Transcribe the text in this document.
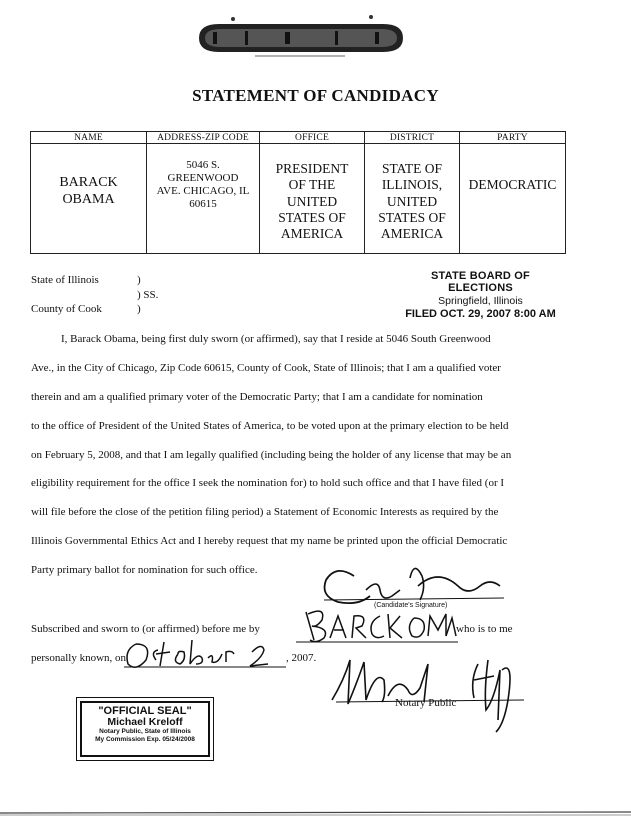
STATEMENT OF CANDIDACY
NAME	ADDRESS-ZIP CODE	OFFICE	DISTRICT	PARTY

BARACK
OBAMA	5046 S.
GREENWOOD
AVE. CHICAGO, IL
60615	PRESIDENT
OF THE
UNITED
STATES OF
AMERICA	STATE OF
ILLINOIS,
UNITED
STATES OF
AMERICA	DEMOCRATIC
State of Illinois	)
) SS.
County of Cook	)
STATE BOARD OF ELECTIONS
Springfield, Illinois
FILED OCT. 29, 2007 8:00 AM
I, Barack Obama, being first duly sworn (or affirmed), say that I reside at 5046 South Greenwood
Ave., in the City of Chicago, Zip Code 60615, County of Cook, State of Illinois; that I am a qualified voter
therein and am a qualified primary voter of the Democratic Party; that I am a candidate for nomination
to the office of President of the United States of America, to be voted upon at the primary election to be held
on February 5, 2008, and that I am legally qualified (including being the holder of any license that may be an
eligibility requirement for the office I seek the nomination for) to hold such office and that I have filed (or I
will file before the close of the petition filing period) a Statement of Economic Interests as required by the
Illinois Governmental Ethics Act and I hereby request that my name be printed upon the official Democratic
Party primary ballot for nomination for such office.
(Candidate's Signature)
Subscribed and sworn to (or affirmed) before me by	who is to me
personally known, on	, 2007.
Notary Public
"OFFICIAL SEAL"
Michael Kreloff
Notary Public, State of Illinois
My Commission Exp. 05/24/2008
